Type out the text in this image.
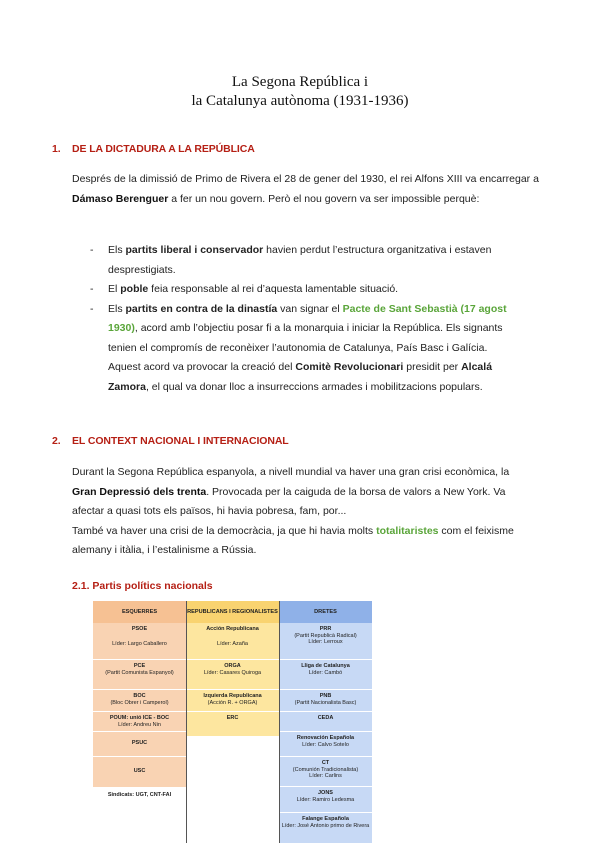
La Segona República i
la Catalunya autònoma (1931-1936)
1. DE LA DICTADURA A LA REPÚBLICA
Després de la dimissió de Primo de Rivera el 28 de gener del 1930, el rei Alfons XIII va encarregar a Dámaso Berenguer a fer un nou govern. Però el nou govern va ser impossible perquè:
- Els partits liberal i conservador havien perdut l’estructura organitzativa i estaven desprestigiats.
- El poble feia responsable al rei d’aquesta lamentable situació.
- Els partits en contra de la dinastía van signar el Pacte de Sant Sebastià (17 agost 1930), acord amb l’objectiu posar fi a la monarquia i iniciar la República. Els signants tenien el compromís de reconèixer l’autonomia de Catalunya, País Basc i Galícia. Aquest acord va provocar la creació del Comitè Revolucionari presidit per Alcalá Zamora, el qual va donar lloc a insurreccions armades i mobilitzacions populars.
2. EL CONTEXT NACIONAL I INTERNACIONAL
Durant la Segona República espanyola, a nivell mundial va haver una gran crisi econòmica, la Gran Depressió dels trenta. Provocada per la caiguda de la borsa de valors a New York. Va afectar a quasi tots els països, hi havia pobresa, fam, por...
També va haver una crisi de la democràcia, ja que hi havia molts totalitaristes com el feixisme alemany i itàlia, i l’estalinisme a Rússia.
2.1. Partis polítics nacionals
ESQUERRES
PSOE
Líder: Largo Caballero
PCE
(Partit Comunista Espanyol)
BOC
(Bloc Obrer i Camperol)
POUM: unió ICE - BOC
Líder: Andreu Nin
PSUC
USC
Sindicats: UGT, CNT-FAI
REPUBLICANS I REGIONALISTES
Acción Republicana
Líder: Azaña
ORGA
Líder: Casares Quiroga
Izquierda Republicana
(Acción R. + ORGA)
ERC
DRETES
PRR
(Partit Republicà Radical)
Líder: Lerroux
Lliga de Catalunya
Líder: Cambó
PNB
(Partit Nacionalista Basc)
CEDA
Renovación Española
Líder: Calvo Sotelo
CT
(Comunión Tradicionalista)
Líder: Carlins
JONS
Líder: Ramiro Ledesma
Falange Española
Líder: José Antonio primo de Rivera
